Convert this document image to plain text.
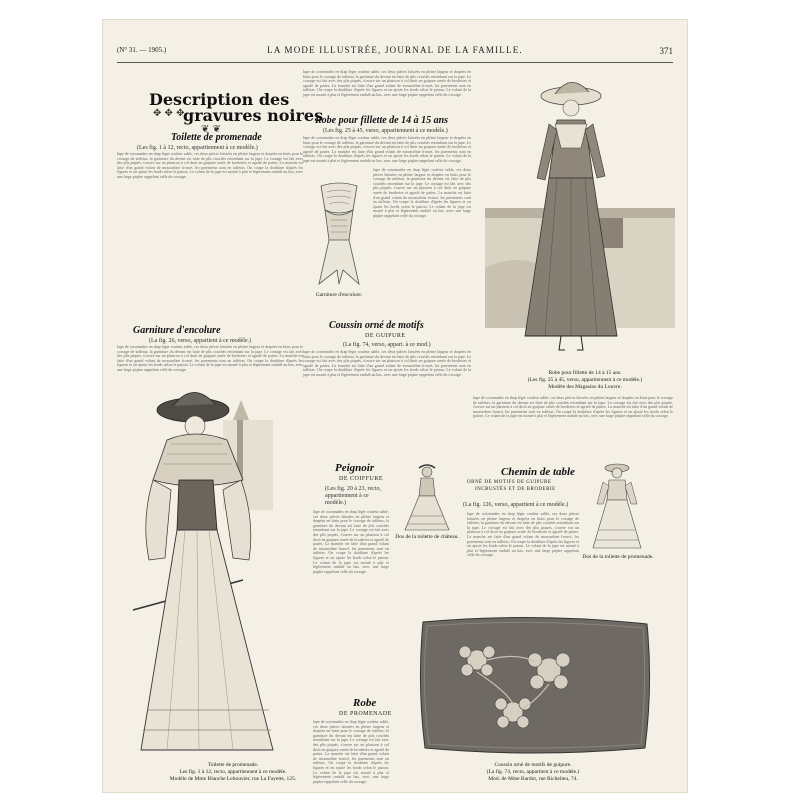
(N° 31. — 1905.)	LA MODE ILLUSTRÉE, JOURNAL DE LA FAMILLE.	371
Description des
✥ ✥ ✥
gravures noires
❦ ❦
Toilette de promenade
(Les fig. 1 à 12, recto, appartiennent à ce modèle.)
lupe de cotonnades en drap léger couleur sable, ces deux pièces laissées en pleine largeur et drapées en biais pour le corsage de taffetas; la garniture du devant est faite de plis couchés retombant sur la jupe. Le corsage est fait avec des plis piqués, s'ouvre sur un plastron à col droit en guipure ornée de broderies et agrafé de pattes. La manche est faite d'un grand volant de mousseline froncé, les parements sont en taffetas. On coupe la doublure d'après les figures et on ajuste les bords selon le patron. Le volant de la jupe est monté à plat et légèrement ondulé au bas, avec une large piqûre rappelant celle du corsage.
Garniture d'encolure
(La fig. 26, verso, appartient à ce modèle.)
lupe de cotonnades en drap léger couleur sable, ces deux pièces laissées en pleine largeur et drapées en biais pour le corsage de taffetas; la garniture du devant est faite de plis couchés retombant sur la jupe. Le corsage est fait avec des plis piqués, s'ouvre sur un plastron à col droit en guipure ornée de broderies et agrafé de pattes. La manche est faite d'un grand volant de mousseline froncé, les parements sont en taffetas. On coupe la doublure d'après les figures et on ajuste les bords selon le patron. Le volant de la jupe est monté à plat et légèrement ondulé au bas, avec une large piqûre rappelant celle du corsage.
lupe de cotonnades en drap léger couleur sable, ces deux pièces laissées en pleine largeur et drapées en biais pour le corsage de taffetas; la garniture du devant est faite de plis couchés retombant sur la jupe. Le corsage est fait avec des plis piqués, s'ouvre sur un plastron à col droit en guipure ornée de broderies et agrafé de pattes. La manche est faite d'un grand volant de mousseline froncé, les parements sont en taffetas. On coupe la doublure d'après les figures et on ajuste les bords selon le patron. Le volant de la jupe est monté à plat et légèrement ondulé au bas, avec une large piqûre rappelant celle du corsage.
Robe pour fillette de 14 à 15 ans
(Les fig. 25 à 45, verso, appartiennent à ce modèle.)
lupe de cotonnades en drap léger couleur sable, ces deux pièces laissées en pleine largeur et drapées en biais pour le corsage de taffetas; la garniture du devant est faite de plis couchés retombant sur la jupe. Le corsage est fait avec des plis piqués, s'ouvre sur un plastron à col droit en guipure ornée de broderies et agrafé de pattes. La manche est faite d'un grand volant de mousseline froncé, les parements sont en taffetas. On coupe la doublure d'après les figures et on ajuste les bords selon le patron. Le volant de la jupe est monté à plat et légèrement ondulé au bas, avec une large piqûre rappelant celle du corsage.
lupe de cotonnades en drap léger couleur sable, ces deux pièces laissées en pleine largeur et drapées en biais pour le corsage de taffetas; la garniture du devant est faite de plis couchés retombant sur la jupe. Le corsage est fait avec des plis piqués, s'ouvre sur un plastron à col droit en guipure ornée de broderies et agrafé de pattes. La manche est faite d'un grand volant de mousseline froncé, les parements sont en taffetas. On coupe la doublure d'après les figures et on ajuste les bords selon le patron. Le volant de la jupe est monté à plat et légèrement ondulé au bas, avec une large piqûre rappelant celle du corsage.
Garniture d'encolure.
Coussin orné de motifs
DE GUIPURE
(La fig. 74, verso, appart. à ce mod.)
lupe de cotonnades en drap léger couleur sable, ces deux pièces laissées en pleine largeur et drapées en biais pour le corsage de taffetas; la garniture du devant est faite de plis couchés retombant sur la jupe. Le corsage est fait avec des plis piqués, s'ouvre sur un plastron à col droit en guipure ornée de broderies et agrafé de pattes. La manche est faite d'un grand volant de mousseline froncé, les parements sont en taffetas. On coupe la doublure d'après les figures et on ajuste les bords selon le patron. Le volant de la jupe est monté à plat et légèrement ondulé au bas, avec une large piqûre rappelant celle du corsage.
Peignoir
DE COIFFURE
(Les fig. 20 à 23, recto, appartiennent à ce modèle.)
lupe de cotonnades en drap léger couleur sable, ces deux pièces laissées en pleine largeur et drapées en biais pour le corsage de taffetas; la garniture du devant est faite de plis couchés retombant sur la jupe. Le corsage est fait avec des plis piqués, s'ouvre sur un plastron à col droit en guipure ornée de broderies et agrafé de pattes. La manche est faite d'un grand volant de mousseline froncé, les parements sont en taffetas. On coupe la doublure d'après les figures et on ajuste les bords selon le patron. Le volant de la jupe est monté à plat et légèrement ondulé au bas, avec une large piqûre rappelant celle du corsage.
Dos de la toilette de château.
Robe
DE PROMENADE
lupe de cotonnades en drap léger couleur sable, ces deux pièces laissées en pleine largeur et drapées en biais pour le corsage de taffetas; la garniture du devant est faite de plis couchés retombant sur la jupe. Le corsage est fait avec des plis piqués, s'ouvre sur un plastron à col droit en guipure ornée de broderies et agrafé de pattes. La manche est faite d'un grand volant de mousseline froncé, les parements sont en taffetas. On coupe la doublure d'après les figures et on ajuste les bords selon le patron. Le volant de la jupe est monté à plat et légèrement ondulé au bas, avec une large piqûre rappelant celle du corsage.
Robe pour fillette de 14 à 15 ans.
(Les fig. 25 à 45, verso, appartiennent à ce modèle.)
Modèle des Magasins du Louvre.
lupe de cotonnades en drap léger couleur sable, ces deux pièces laissées en pleine largeur et drapées en biais pour le corsage de taffetas; la garniture du devant est faite de plis couchés retombant sur la jupe. Le corsage est fait avec des plis piqués, s'ouvre sur un plastron à col droit en guipure ornée de broderies et agrafé de pattes. La manche est faite d'un grand volant de mousseline froncé, les parements sont en taffetas. On coupe la doublure d'après les figures et on ajuste les bords selon le patron. Le volant de la jupe est monté à plat et légèrement ondulé au bas, avec une large piqûre rappelant celle du corsage.
Chemin de table
ORNÉ DE MOTIFS DE GUIPURE
INCRUSTÉS ET DE BRODERIE
(La fig. 126, verso, appartient à ce modèle.)
lupe de cotonnades en drap léger couleur sable, ces deux pièces laissées en pleine largeur et drapées en biais pour le corsage de taffetas; la garniture du devant est faite de plis couchés retombant sur la jupe. Le corsage est fait avec des plis piqués, s'ouvre sur un plastron à col droit en guipure ornée de broderies et agrafé de pattes. La manche est faite d'un grand volant de mousseline froncé, les parements sont en taffetas. On coupe la doublure d'après les figures et on ajuste les bords selon le patron. Le volant de la jupe est monté à plat et légèrement ondulé au bas, avec une large piqûre rappelant celle du corsage.	Dos de la toilette de promenade.
Coussin orné de motifs de guipure.
(La fig. 74, recto, appartient à ce modèle.)
Mod. de Mme Bardot, rue Richelieu, 74.
Toilette de promenade.
Les fig. 1 à 12, recto, appartiennent à ce modèle.
Modèle de Mme Blanche Lebouvier, rue La Fayette, 125.
